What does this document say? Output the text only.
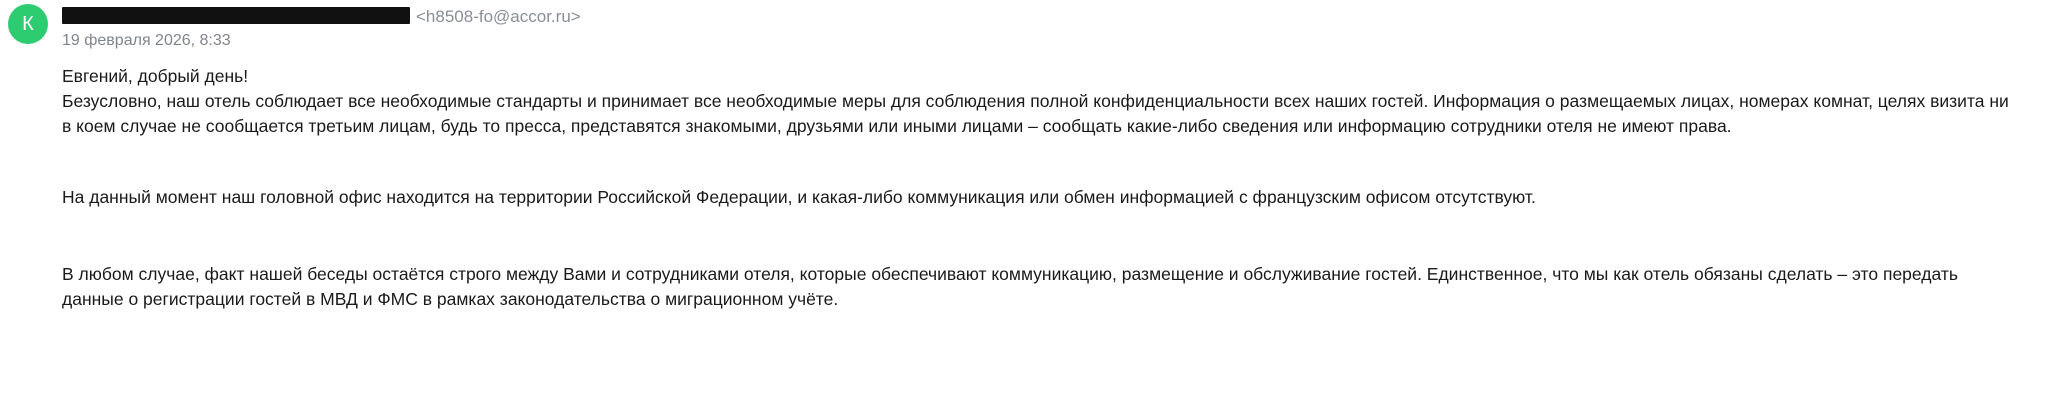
К	<h8508-fo@accor.ru>
19 февраля 2026, 8:33

Евгений, добрый день!

Безусловно, наш отель соблюдает все необходимые стандарты и принимает все необходимые меры для соблюдения полной конфиденциальности всех наших гостей. Информация о размещаемых лицах, номерах комнат, целях визита ни в коем случае не сообщается третьим лицам, будь то пресса, представятся знакомыми, друзьями или иными лицами – сообщать какие-либо сведения или информацию сотрудники отеля не имеют права.

На данный момент наш головной офис находится на территории Российской Федерации, и какая-либо коммуникация или обмен информацией с французским офисом отсутствуют.

В любом случае, факт нашей беседы остаётся строго между Вами и сотрудниками отеля, которые обеспечивают коммуникацию, размещение и обслуживание гостей. Единственное, что мы как отель обязаны сделать – это передать данные о регистрации гостей в МВД и ФМС в рамках законодательства о миграционном учёте.
